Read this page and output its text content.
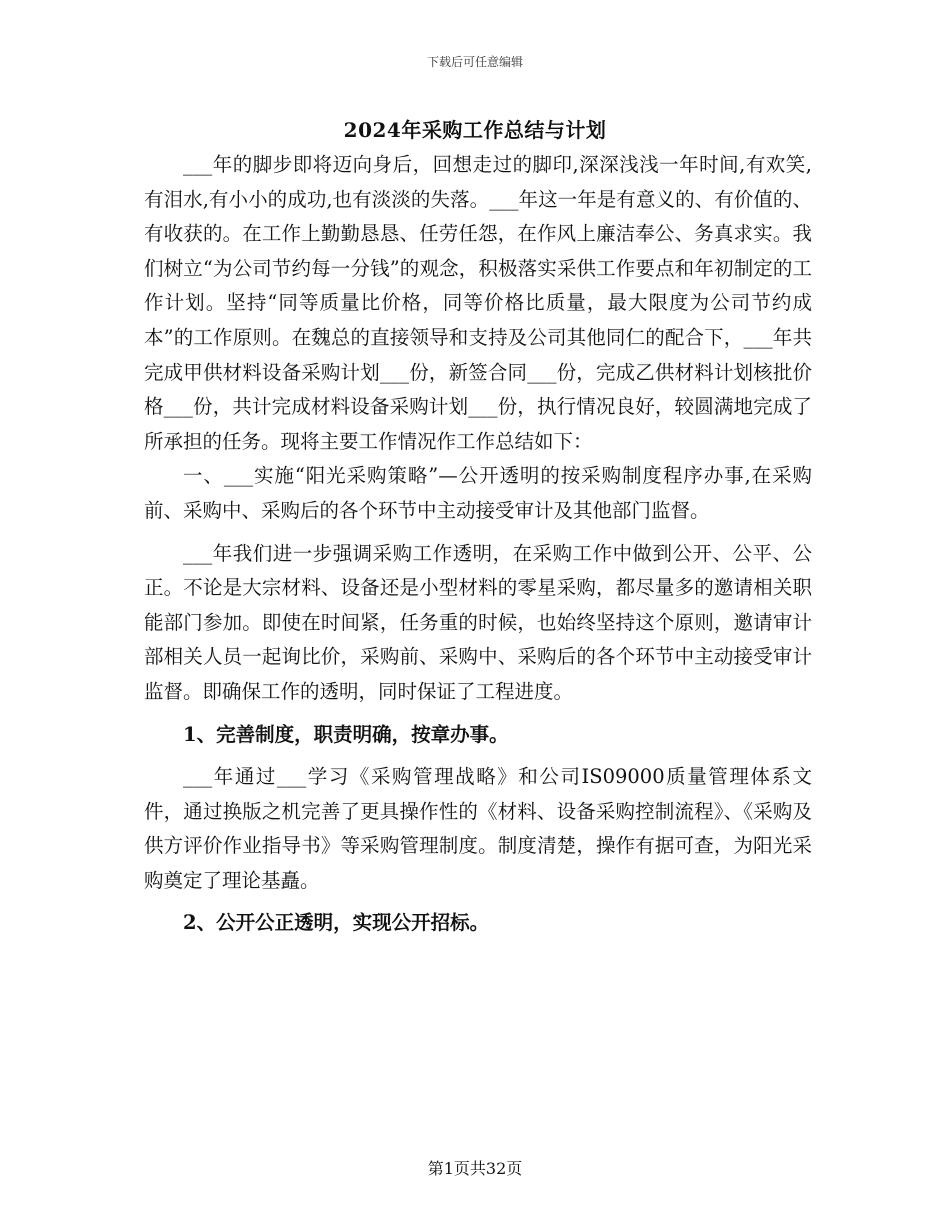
下载后可任意编辑
2024年采购工作总结与计划

___年的脚步即将迈向身后，回想走过的脚印,深深浅浅一年时间,有欢笑,有泪水,有小小的成功,也有淡淡的失落。___年这一年是有意义的、有价值的、有收获的。在工作上勤勤恳恳、任劳任怨，在作风上廉洁奉公、务真求实。我们树立“为公司节约每一分钱”的观念，积极落实采供工作要点和年初制定的工作计划。坚持“同等质量比价格，同等价格比质量，最大限度为公司节约成本”的工作原则。在魏总的直接领导和支持及公司其他同仁的配合下，___年共完成甲供材料设备采购计划___份，新签合同___份，完成乙供材料计划核批价格___份，共计完成材料设备采购计划___份，执行情况良好，较圆满地完成了所承担的任务。现将主要工作情况作工作总结如下：

一、___实施“阳光采购策略”—公开透明的按采购制度程序办事,在采购前、采购中、采购后的各个环节中主动接受审计及其他部门监督。

___年我们进一步强调采购工作透明，在采购工作中做到公开、公平、公正。不论是大宗材料、设备还是小型材料的零星采购，都尽量多的邀请相关职能部门参加。即使在时间紧，任务重的时候，也始终坚持这个原则，邀请审计部相关人员一起询比价，采购前、采购中、采购后的各个环节中主动接受审计监督。即确保工作的透明，同时保证了工程进度。

1、完善制度，职责明确，按章办事。

___年通过___学习《采购管理战略》和公司IS09000质量管理体系文件，通过换版之机完善了更具操作性的《材料、设备采购控制流程》、《采购及供方评价作业指导书》等采购管理制度。制度清楚，操作有据可查，为阳光采购奠定了理论基矗。

2、公开公正透明，实现公开招标。

第1页共32页
